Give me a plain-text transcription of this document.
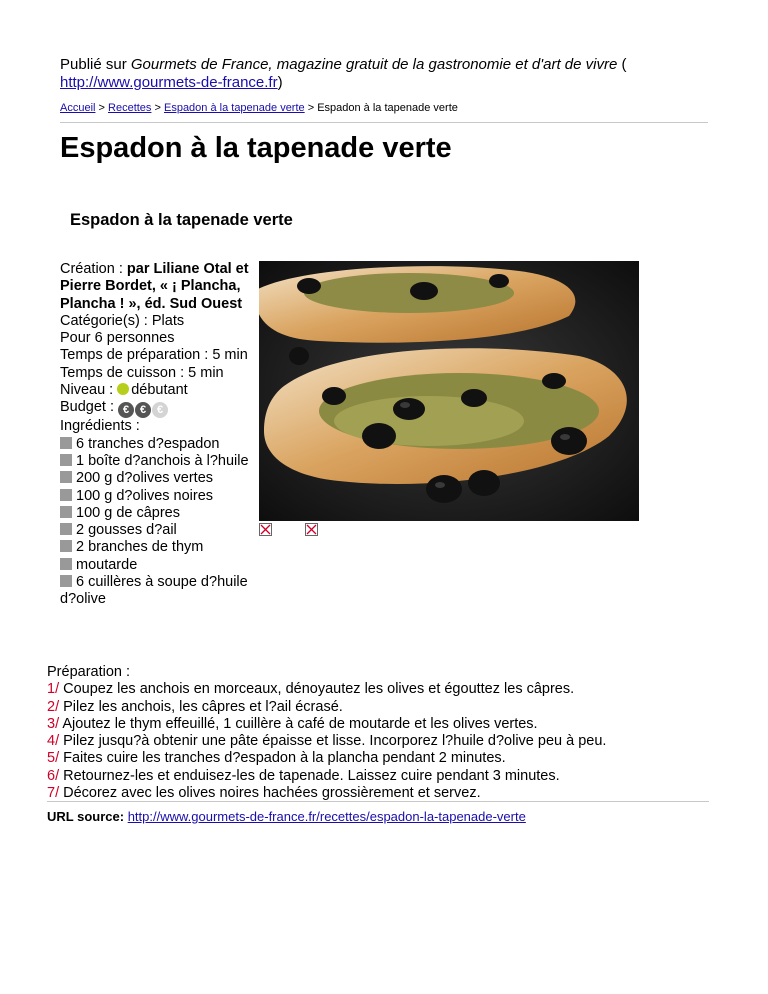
Publié sur Gourmets de France, magazine gratuit de la gastronomie et d'art de vivre (
http://www.gourmets-de-france.fr)
Accueil > Recettes > Espadon à la tapenade verte > Espadon à la tapenade verte
Espadon à la tapenade verte
Espadon à la tapenade verte
Création : par Liliane Otal et Pierre Bordet, « ¡ Plancha, Plancha ! », éd. Sud Ouest
Catégorie(s) : Plats
Pour 6 personnes
Temps de préparation : 5 min
Temps de cuisson : 5 min
Niveau : débutant
Budget : € € €
Ingrédients :
6 tranches d?espadon
1 boîte d?anchois à l?huile
200 g d?olives vertes
100 g d?olives noires
100 g de câpres
2 gousses d?ail
2 branches de thym
moutarde
6 cuillères à soupe d?huile d?olive
Préparation :
1/ Coupez les anchois en morceaux, dénoyautez les olives et égouttez les câpres.
2/ Pilez les anchois, les câpres et l?ail écrasé.
3/ Ajoutez le thym effeuillé, 1 cuillère à café de moutarde et les olives vertes.
4/ Pilez jusqu?à obtenir une pâte épaisse et lisse. Incorporez l?huile d?olive peu à peu.
5/ Faites cuire les tranches d?espadon à la plancha pendant 2 minutes.
6/ Retournez-les et enduisez-les de tapenade. Laissez cuire pendant 3 minutes.
7/ Décorez avec les olives noires hachées grossièrement et servez.
URL source: http://www.gourmets-de-france.fr/recettes/espadon-la-tapenade-verte
